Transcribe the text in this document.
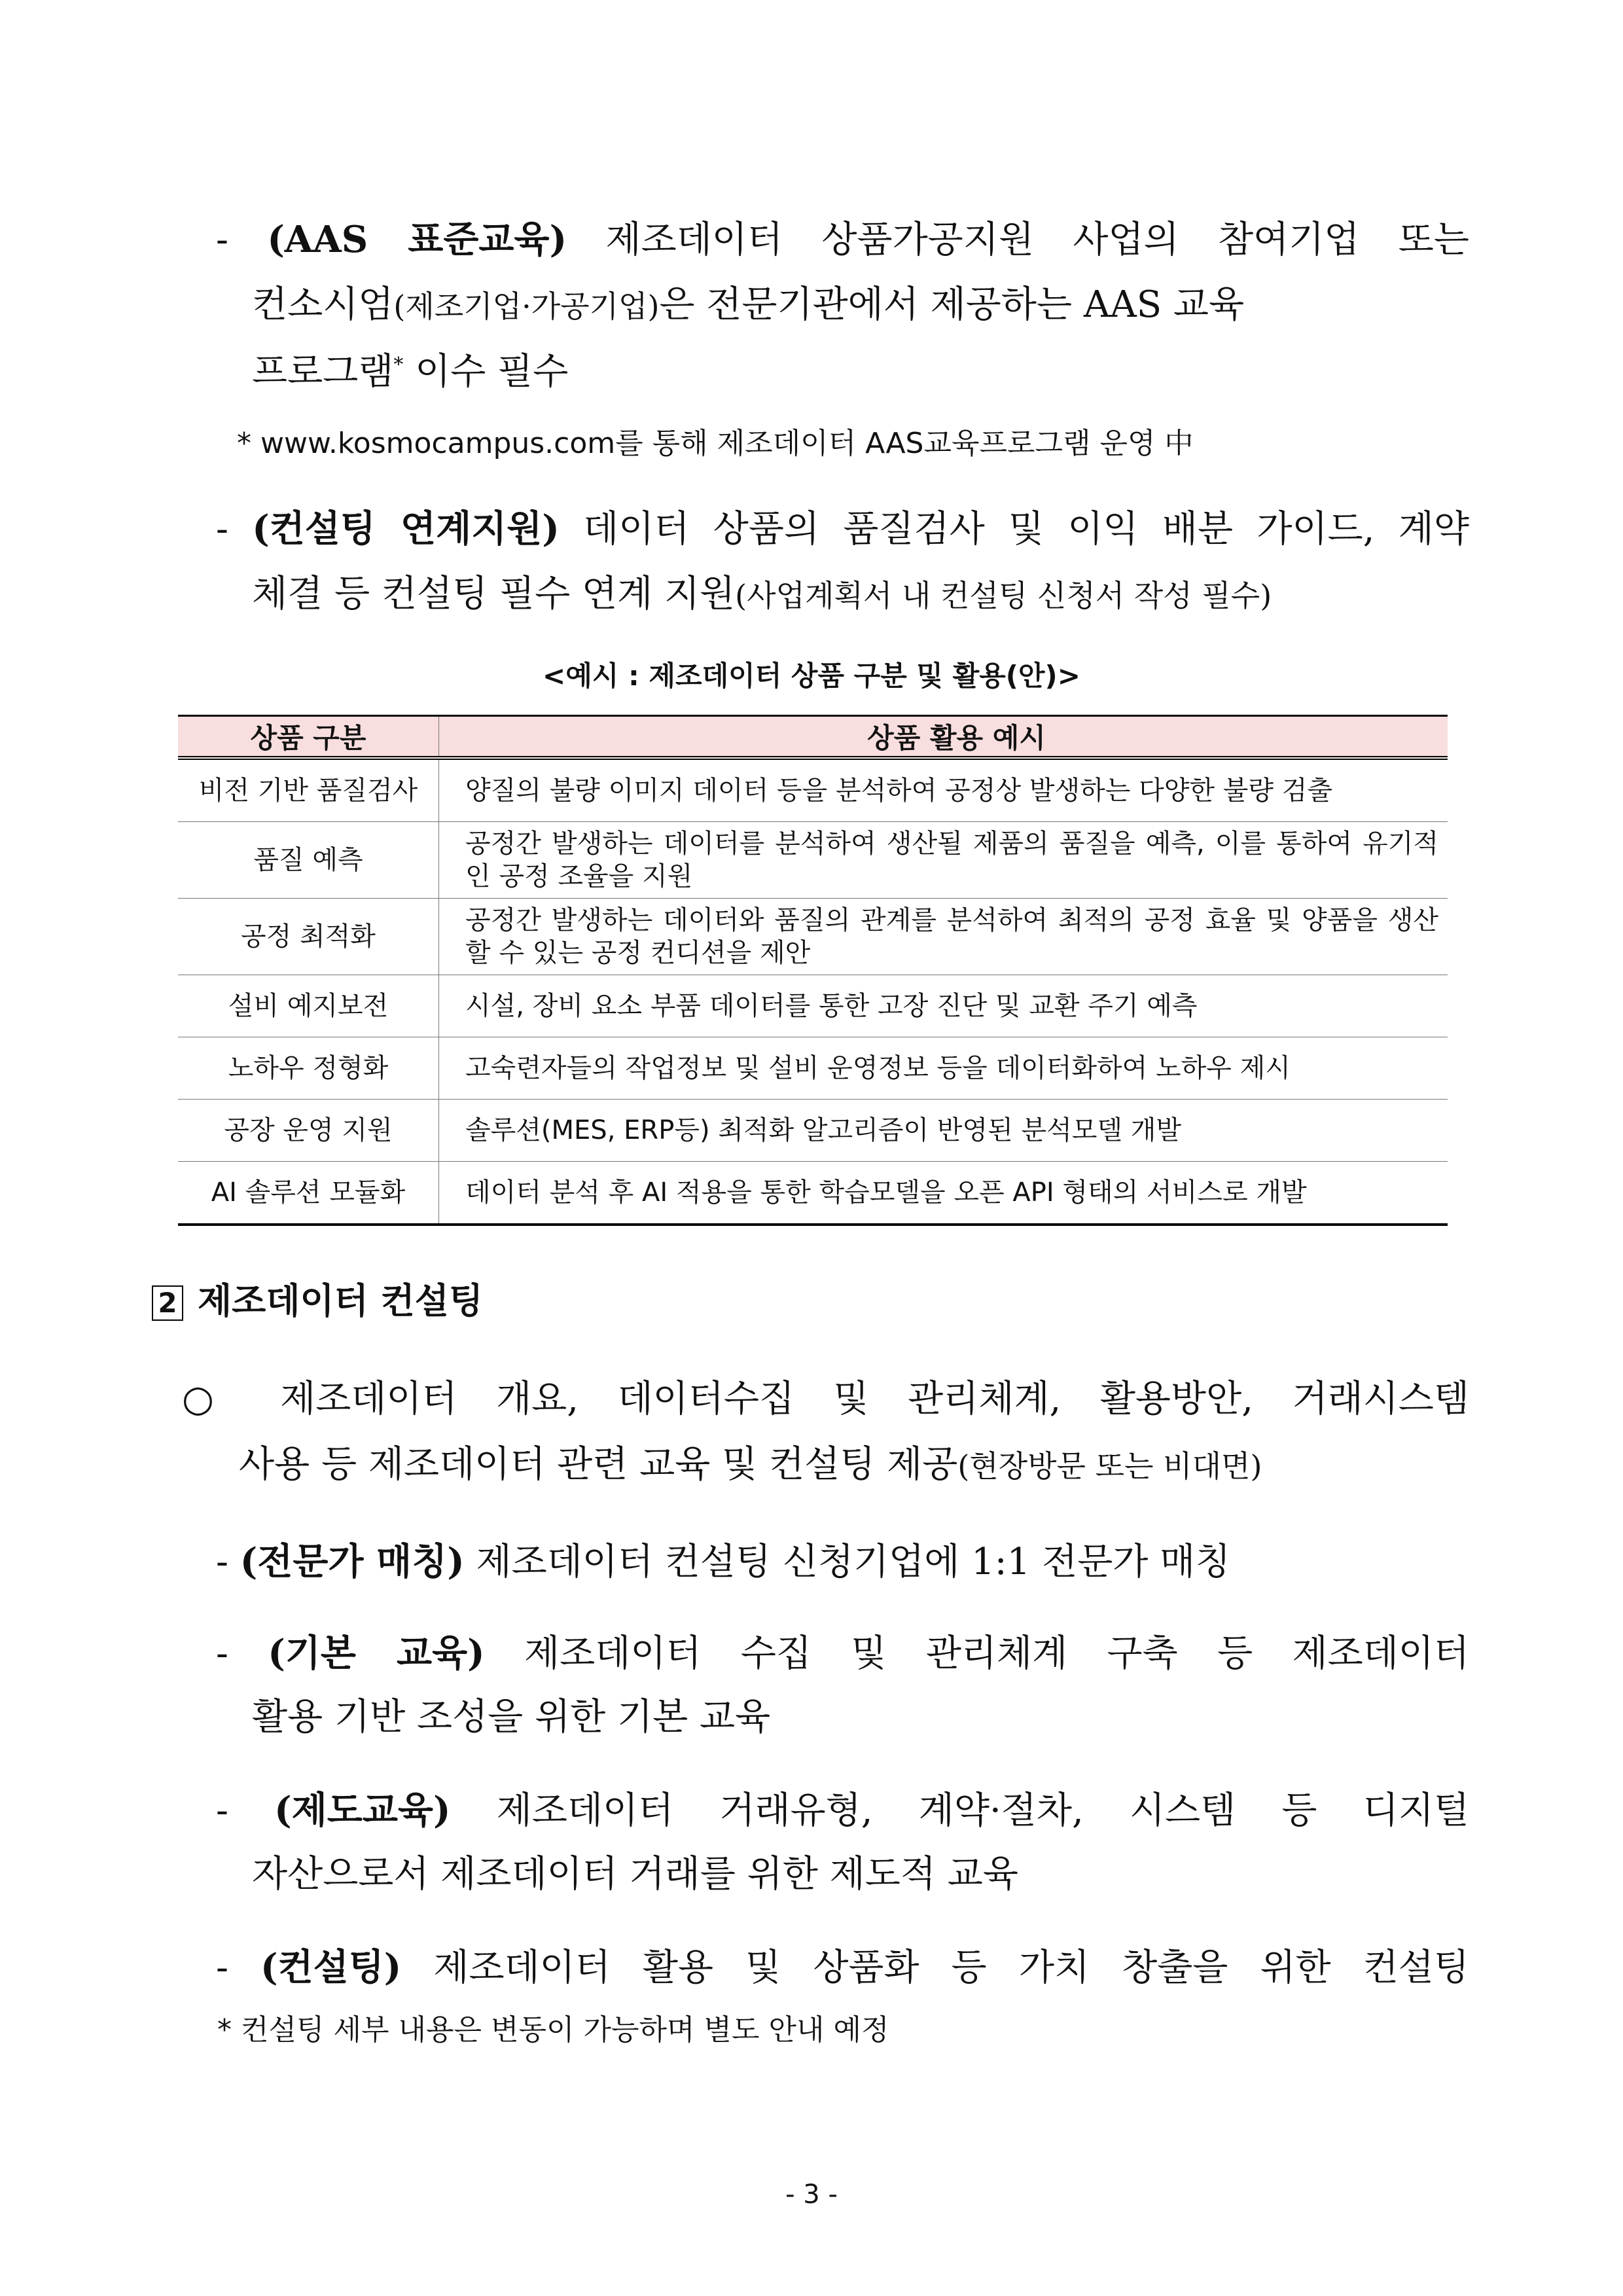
- (AAS 표준교육) 제조데이터 상품가공지원 사업의 참여기업 또는
컨소시엄(제조기업·가공기업)은 전문기관에서 제공하는 AAS 교육
프로그램* 이수 필수
* www.kosmocampus.com를 통해 제조데이터 AAS교육프로그램 운영 中
- (컨설팅 연계지원) 데이터 상품의 품질검사 및 이익 배분 가이드, 계약
체결 등 컨설팅 필수 연계 지원(사업계획서 내 컨설팅 신청서 작성 필수)
<예시 : 제조데이터 상품 구분 및 활용(안)>
상품 구분	상품 활용 예시
비전 기반 품질검사	양질의 불량 이미지 데이터 등을 분석하여 공정상 발생하는 다양한 불량 검출
품질 예측	공정간 발생하는 데이터를 분석하여 생산될 제품의 품질을 예측, 이를 통하여 유기적인 공정 조율을 지원
공정 최적화	공정간 발생하는 데이터와 품질의 관계를 분석하여 최적의 공정 효율 및 양품을 생산할 수 있는 공정 컨디션을 제안
설비 예지보전	시설, 장비 요소 부품 데이터를 통한 고장 진단 및 교환 주기 예측
노하우 정형화	고숙련자들의 작업정보 및 설비 운영정보 등을 데이터화하여 노하우 제시
공장 운영 지원	솔루션(MES, ERP등) 최적화 알고리즘이 반영된 분석모델 개발
AI 솔루션 모듈화	데이터 분석 후 AI 적용을 통한 학습모델을 오픈 API 형태의 서비스로 개발
2 제조데이터 컨설팅
○ 제조데이터 개요, 데이터수집 및 관리체계, 활용방안, 거래시스템
사용 등 제조데이터 관련 교육 및 컨설팅 제공(현장방문 또는 비대면)
- (전문가 매칭) 제조데이터 컨설팅 신청기업에 1:1 전문가 매칭
- (기본 교육) 제조데이터 수집 및 관리체계 구축 등 제조데이터
활용 기반 조성을 위한 기본 교육
- (제도교육) 제조데이터 거래유형, 계약·절차, 시스템 등 디지털
자산으로서 제조데이터 거래를 위한 제도적 교육
- (컨설팅) 제조데이터 활용 및 상품화 등 가치 창출을 위한 컨설팅
* 컨설팅 세부 내용은 변동이 가능하며 별도 안내 예정
- 3 -
